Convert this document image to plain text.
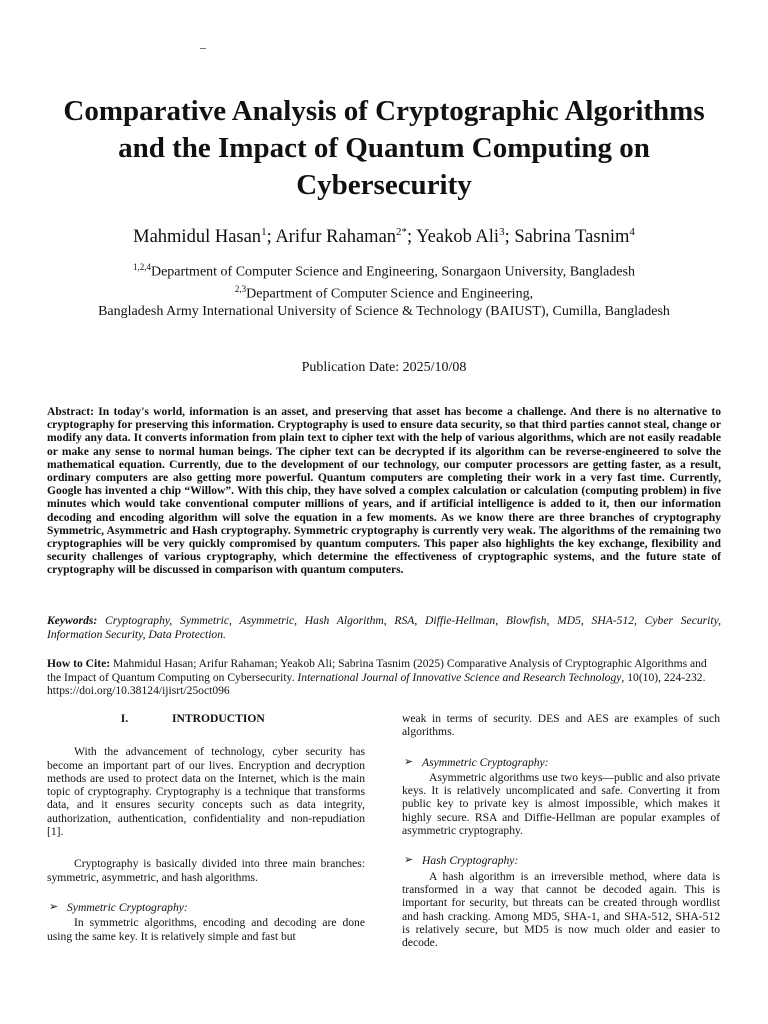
–
Comparative Analysis of Cryptographic Algorithms and the Impact of Quantum Computing on Cybersecurity
Mahmidul Hasan$^1$; Arifur Rahaman$^{2*}$; Yeakob Ali$^3$; Sabrina Tasnim$^4$
$^{1,2,4}$Department of Computer Science and Engineering, Sonargaon University, Bangladesh
$^{2,3}$Department of Computer Science and Engineering,
Bangladesh Army International University of Science & Technology (BAIUST), Cumilla, Bangladesh
Publication Date: 2025/10/08
Abstract: In today's world, information is an asset, and preserving that asset has become a challenge. And there is no alternative to cryptography for preserving this information. Cryptography is used to ensure data security, so that third parties cannot steal, change or modify any data. It converts information from plain text to cipher text with the help of various algorithms, which are not easily readable or make any sense to normal human beings. The cipher text can be decrypted if its algorithm can be reverse-engineered to solve the mathematical equation. Currently, due to the development of our technology, our computer processors are getting faster, as a result, ordinary computers are also getting more powerful. Quantum computers are completing their work in a very fast time. Currently, Google has invented a chip “Willow”. With this chip, they have solved a complex calculation or calculation (computing problem) in five minutes which would take conventional computer millions of years, and if artificial intelligence is added to it, then our information decoding and encoding algorithm will solve the equation in a few moments. As we know there are three branches of cryptography Symmetric, Asymmetric and Hash cryptography. Symmetric cryptography is currently very weak. The algorithms of the remaining two cryptographies will be very quickly compromised by quantum computers. This paper also highlights the key exchange, flexibility and security challenges of various cryptography, which determine the effectiveness of cryptographic systems, and the future state of cryptography will be discussed in comparison with quantum computers.
Keywords: Cryptography, Symmetric, Asymmetric, Hash Algorithm, RSA, Diffie-Hellman, Blowfish, MD5, SHA-512, Cyber Security, Information Security, Data Protection.
How to Cite: Mahmidul Hasan; Arifur Rahaman; Yeakob Ali; Sabrina Tasnim (2025) Comparative Analysis of Cryptographic Algorithms and the Impact of Quantum Computing on Cybersecurity. International Journal of Innovative Science and Research Technology, 10(10), 224-232. https://doi.org/10.38124/ijisrt/25oct096
I.	INTRODUCTION

With the advancement of technology, cyber security has become an important part of our lives. Encryption and decryption methods are used to protect data on the Internet, which is the main topic of cryptography. Cryptography is a technique that transforms data, and it ensures security concepts such as data integrity, authorization, authentication, confidentiality and non-repudiation [1].

Cryptography is basically divided into three main branches: symmetric, asymmetric, and hash algorithms.

➢ Symmetric Cryptography:

In symmetric algorithms, encoding and decoding are done using the same key. It is relatively simple and fast but

weak in terms of security. DES and AES are examples of such algorithms.

➢ Asymmetric Cryptography:

Asymmetric algorithms use two keys—public and also private keys. It is relatively uncomplicated and safe. Converting it from public key to private key is almost impossible, which makes it highly secure. RSA and Diffie-Hellman are popular examples of asymmetric cryptography.

➢ Hash Cryptography:

A hash algorithm is an irreversible method, where data is transformed in a way that cannot be decoded again. This is important for security, but threats can be created through wordlist and hash cracking. Among MD5, SHA-1, and SHA-512, SHA-512 is relatively secure, but MD5 is now much older and easier to decode.
